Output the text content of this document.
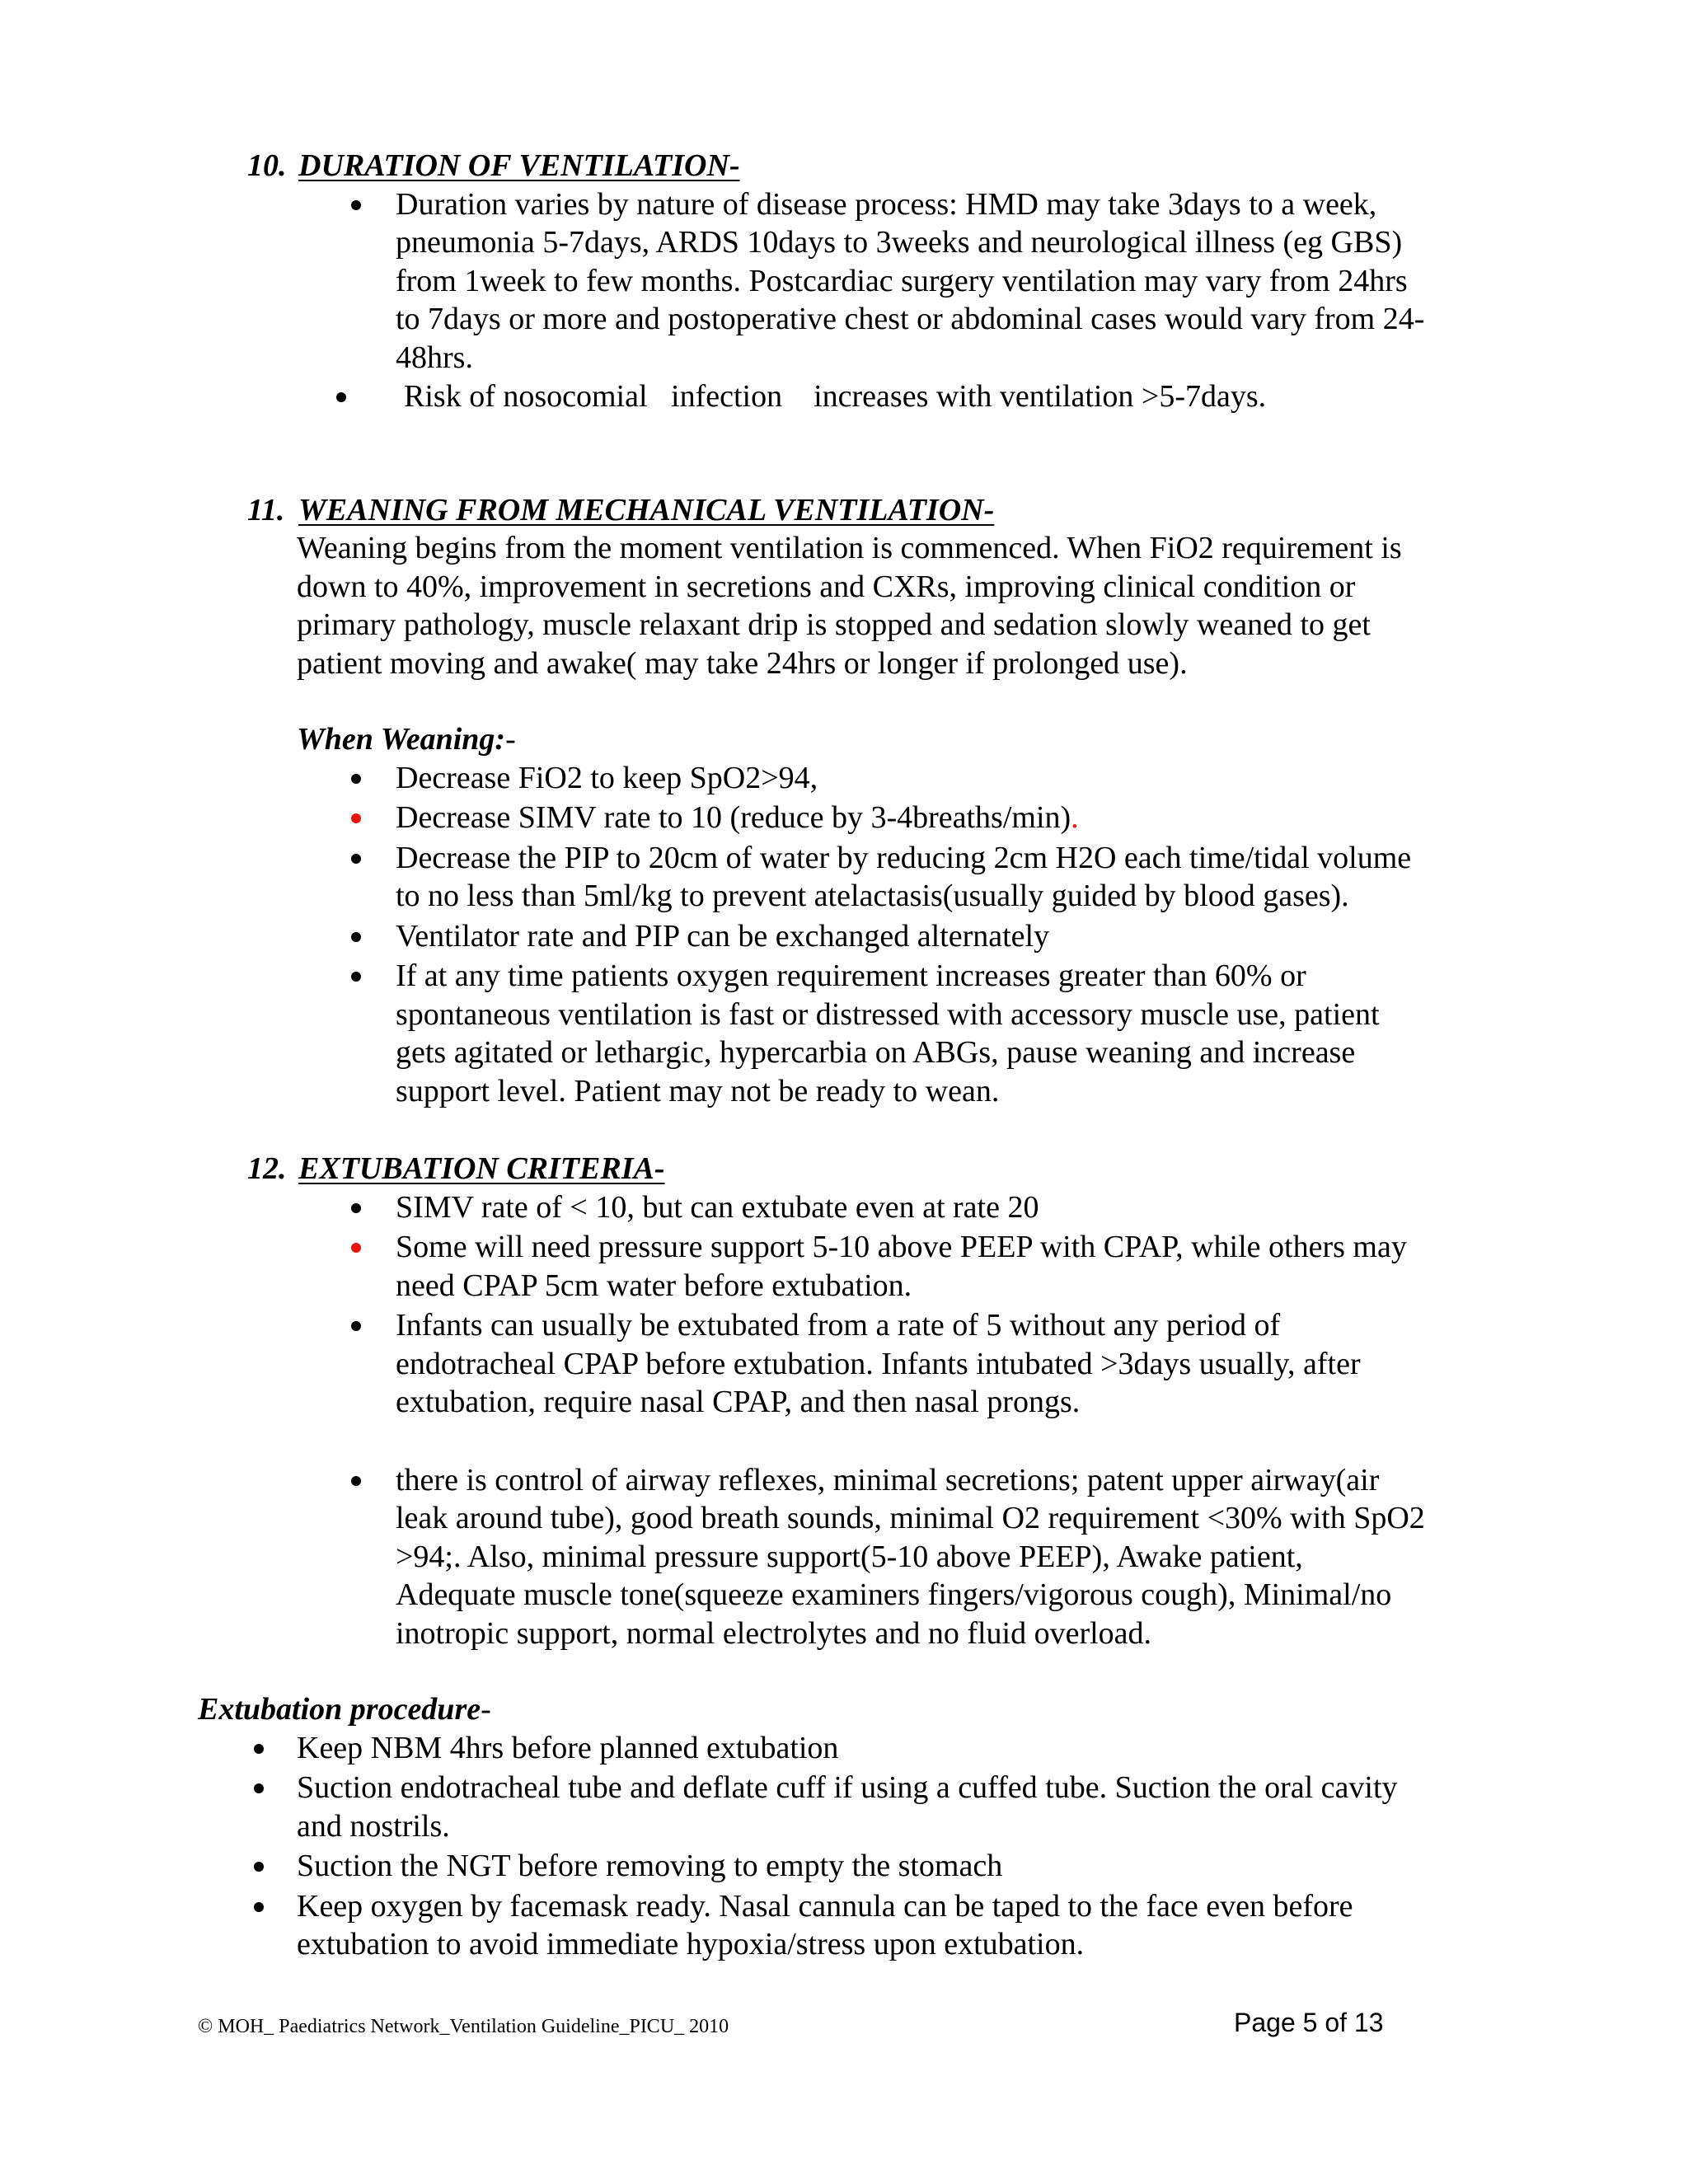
10. DURATION OF VENTILATION-
Duration varies by nature of disease process: HMD may take 3days to a week,
pneumonia 5-7days, ARDS 10days to 3weeks and neurological illness (eg GBS)
from 1week to few months. Postcardiac surgery ventilation may vary from 24hrs
to 7days or more and postoperative chest or abdominal cases would vary from 24-
48hrs.
Risk of nosocomial   infection    increases with ventilation >5-7days.
11. WEANING FROM MECHANICAL VENTILATION-
Weaning begins from the moment ventilation is commenced. When FiO2 requirement is
down to 40%, improvement in secretions and CXRs, improving clinical condition or
primary pathology, muscle relaxant drip is stopped and sedation slowly weaned to get
patient moving and awake( may take 24hrs or longer if prolonged use).
When Weaning:-
Decrease FiO2 to keep SpO2>94,
Decrease SIMV rate to 10 (reduce by 3-4breaths/min).
Decrease the PIP to 20cm of water by reducing 2cm H2O each time/tidal volume
to no less than 5ml/kg to prevent atelactasis(usually guided by blood gases).
Ventilator rate and PIP can be exchanged alternately
If at any time patients oxygen requirement increases greater than 60% or
spontaneous ventilation is fast or distressed with accessory muscle use, patient
gets agitated or lethargic, hypercarbia on ABGs, pause weaning and increase
support level. Patient may not be ready to wean.
12. EXTUBATION CRITERIA-
SIMV rate of < 10, but can extubate even at rate 20
Some will need pressure support 5-10 above PEEP with CPAP, while others may
need CPAP 5cm water before extubation.
Infants can usually be extubated from a rate of 5 without any period of
endotracheal CPAP before extubation. Infants intubated >3days usually, after
extubation, require nasal CPAP, and then nasal prongs.
there is control of airway reflexes, minimal secretions; patent upper airway(air
leak around tube), good breath sounds, minimal O2 requirement <30% with SpO2
>94;. Also, minimal pressure support(5-10 above PEEP), Awake patient,
Adequate muscle tone(squeeze examiners fingers/vigorous cough), Minimal/no
inotropic support, normal electrolytes and no fluid overload.
Extubation procedure-
Keep NBM 4hrs before planned extubation
Suction endotracheal tube and deflate cuff if using a cuffed tube. Suction the oral cavity
and nostrils.
Suction the NGT before removing to empty the stomach
Keep oxygen by facemask ready. Nasal cannula can be taped to the face even before
extubation to avoid immediate hypoxia/stress upon extubation.
© MOH_ Paediatrics Network_Ventilation Guideline_PICU_ 2010	Page 5 of 13
